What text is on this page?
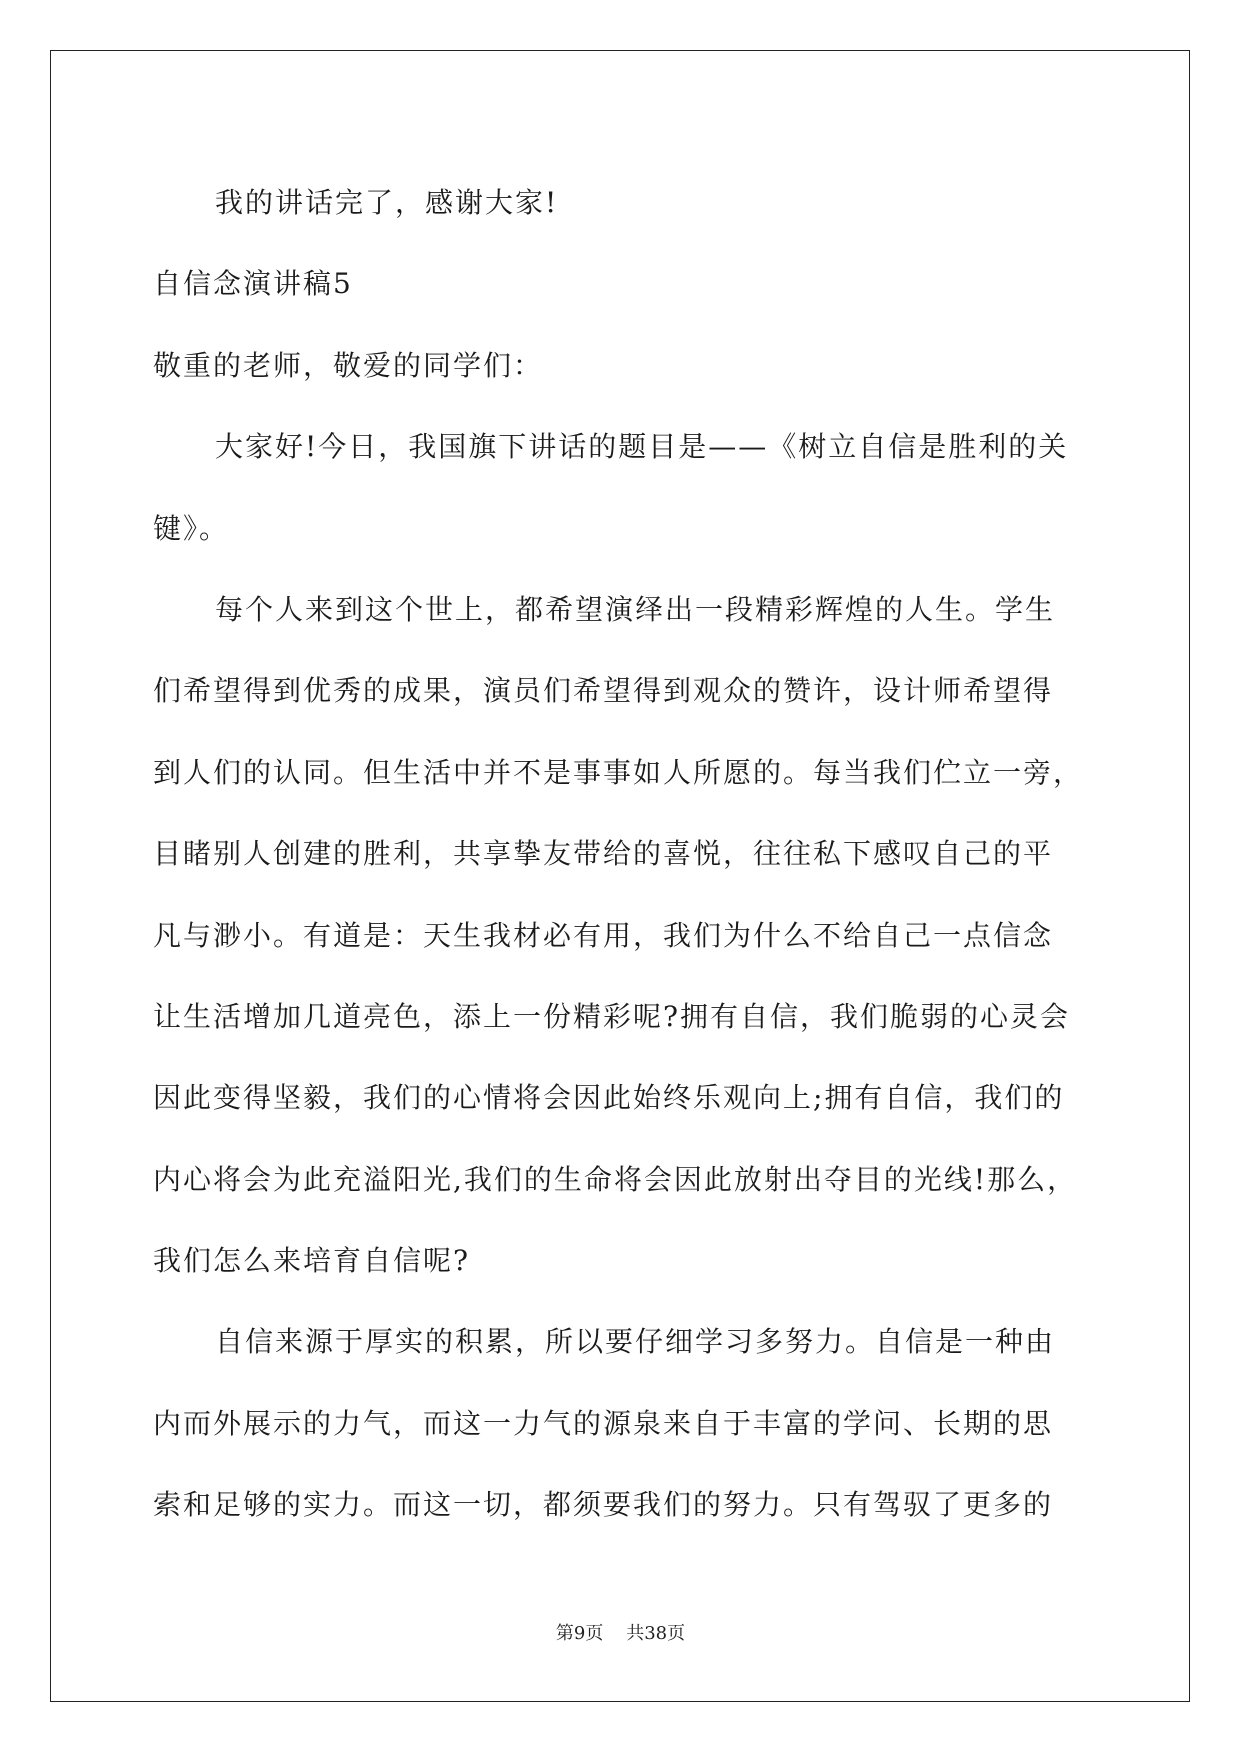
我的讲话完了，感谢大家!
自信念演讲稿5
敬重的老师，敬爱的同学们：
大家好!今日，我国旗下讲话的题目是——《树立自信是胜利的关
键》。
每个人来到这个世上，都希望演绎出一段精彩辉煌的人生。学生
们希望得到优秀的成果，演员们希望得到观众的赞许，设计师希望得
到人们的认同。但生活中并不是事事如人所愿的。每当我们伫立一旁，
目睹别人创建的胜利，共享挚友带给的喜悦，往往私下感叹自己的平
凡与渺小。有道是：天生我材必有用，我们为什么不给自己一点信念
让生活增加几道亮色，添上一份精彩呢?拥有自信，我们脆弱的心灵会
因此变得坚毅，我们的心情将会因此始终乐观向上;拥有自信，我们的
内心将会为此充溢阳光,我们的生命将会因此放射出夺目的光线!那么，
我们怎么来培育自信呢?
自信来源于厚实的积累，所以要仔细学习多努力。自信是一种由
内而外展示的力气，而这一力气的源泉来自于丰富的学问、长期的思
索和足够的实力。而这一切，都须要我们的努力。只有驾驭了更多的
第9页 共38页
